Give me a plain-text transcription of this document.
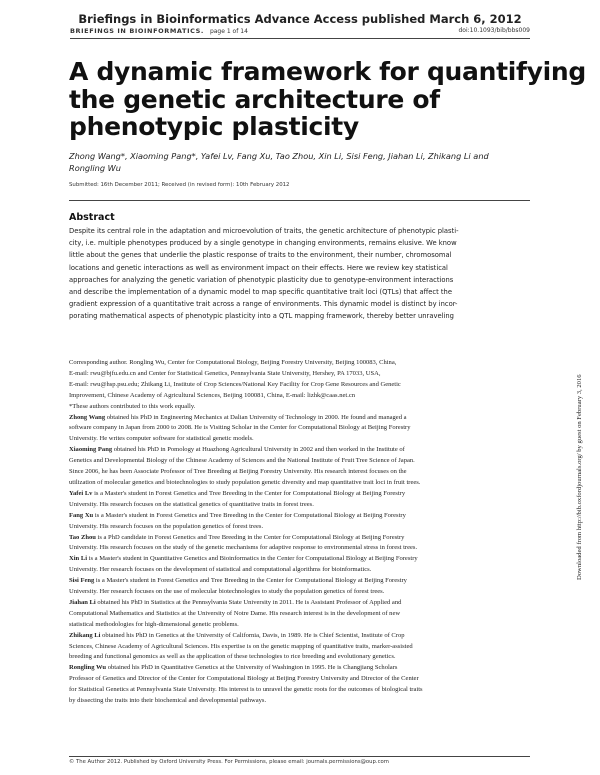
Briefings in Bioinformatics Advance Access published March 6, 2012
BRIEFINGS IN BIOINFORMATICS. page 1 of 14	doi:10.1093/bib/bbs009
A dynamic framework for quantifying
the genetic architecture of
phenotypic plasticity
Zhong Wang*, Xiaoming Pang*, Yafei Lv, Fang Xu, Tao Zhou, Xin Li, Sisi Feng, Jiahan Li, Zhikang Li and
Rongling Wu
Submitted: 16th December 2011; Received (in revised form): 10th February 2012
Abstract
Despite its central role in the adaptation and microevolution of traits, the genetic architecture of phenotypic plasti-
city, i.e. multiple phenotypes produced by a single genotype in changing environments, remains elusive. We know
little about the genes that underlie the plastic response of traits to the environment, their number, chromosomal
locations and genetic interactions as well as environment impact on their effects. Here we review key statistical
approaches for analyzing the genetic variation of phenotypic plasticity due to genotype-environment interactions
and describe the implementation of a dynamic model to map specific quantitative trait loci (QTLs) that affect the
gradient expression of a quantitative trait across a range of environments. This dynamic model is distinct by incor-
porating mathematical aspects of phenotypic plasticity into a QTL mapping framework, thereby better unraveling
Downloaded from http://bib.oxfordjournals.org/ by guest on February 3, 2016
Corresponding author. Rongling Wu, Center for Computational Biology, Beijing Forestry University, Beijing 100083, China,
E-mail: rwu@bjfu.edu.cn and Center for Statistical Genetics, Pennsylvania State University, Hershey, PA 17033, USA,
E-mail: rwu@hsp.psu.edu; Zhikang Li, Institute of Crop Sciences/National Key Facility for Crop Gene Resources and Genetic
Improvement, Chinese Academy of Agricultural Sciences, Beijing 100081, China, E-mail: lizhk@caas.net.cn
*These authors contributed to this work equally.
Zhong Wang obtained his PhD in Engineering Mechanics at Dalian University of Technology in 2000. He found and managed a
software company in Japan from 2000 to 2008. He is Visiting Scholar in the Center for Computational Biology at Beijing Forestry
University. He writes computer software for statistical genetic models.
Xiaoming Pang obtained his PhD in Pomology at Huazhong Agricultural University in 2002 and then worked in the Institute of
Genetics and Developmental Biology of the Chinese Academy of Sciences and the National Institute of Fruit Tree Science of Japan.
Since 2006, he has been Associate Professor of Tree Breeding at Beijing Forestry University. His research interest focuses on the
utilization of molecular genetics and biotechnologies to study population genetic diversity and map quantitative trait loci in fruit trees.
Yafei Lv is a Master's student in Forest Genetics and Tree Breeding in the Center for Computational Biology at Beijing Forestry
University. His research focuses on the statistical genetics of quantitative traits in forest trees.
Fang Xu is a Master's student in Forest Genetics and Tree Breeding in the Center for Computational Biology at Beijing Forestry
University. His research focuses on the population genetics of forest trees.
Tao Zhou is a PhD candidate in Forest Genetics and Tree Breeding in the Center for Computational Biology at Beijing Forestry
University. His research focuses on the study of the genetic mechanisms for adaptive response to environmental stress in forest trees.
Xin Li is a Master's student in Quantitative Genetics and Bioinformatics in the Center for Computational Biology at Beijing Forestry
University. Her research focuses on the development of statistical and computational algorithms for bioinformatics.
Sisi Feng is a Master's student in Forest Genetics and Tree Breeding in the Center for Computational Biology at Beijing Forestry
University. Her research focuses on the use of molecular biotechnologies to study the population genetics of forest trees.
Jiahan Li obtained his PhD in Statistics at the Pennsylvania State University in 2011. He is Assistant Professor of Applied and
Computational Mathematics and Statistics at the University of Notre Dame. His research interest is in the development of new
statistical methodologies for high-dimensional genetic problems.
Zhikang Li obtained his PhD in Genetics at the University of California, Davis, in 1989. He is Chief Scientist, Institute of Crop
Sciences, Chinese Academy of Agricultural Sciences. His expertise is on the genetic mapping of quantitative traits, marker-assisted
breeding and functional genomics as well as the application of these technologies to rice breeding and evolutionary genetics.
Rongling Wu obtained his PhD in Quantitative Genetics at the University of Washington in 1995. He is Changjiang Scholars
Professor of Genetics and Director of the Center for Computational Biology at Beijing Forestry University and Director of the Center
for Statistical Genetics at Pennsylvania State University. His interest is to unravel the genetic roots for the outcomes of biological traits
by dissecting the traits into their biochemical and developmental pathways.
© The Author 2012. Published by Oxford University Press. For Permissions, please email: journals.permissions@oup.com
